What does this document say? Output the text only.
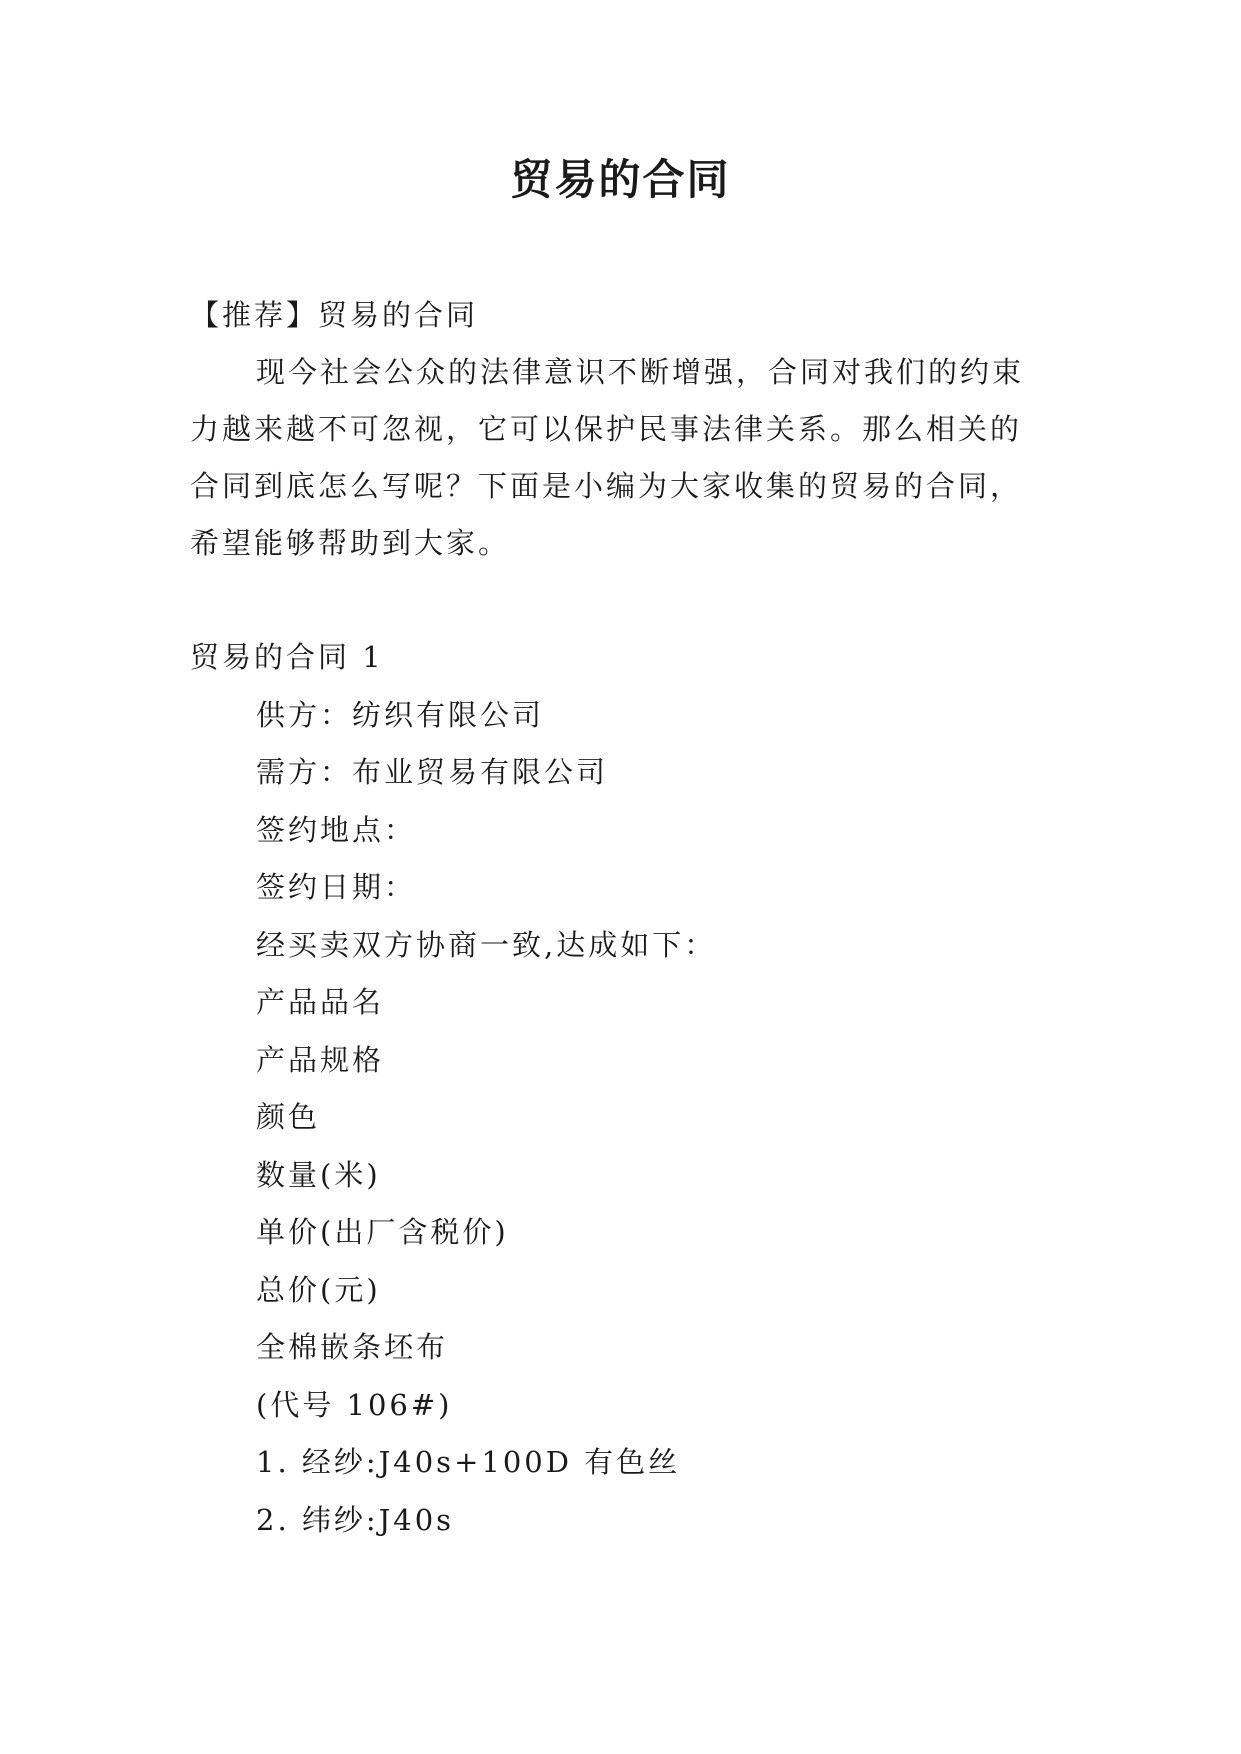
贸易的合同
【推荐】贸易的合同
现今社会公众的法律意识不断增强，合同对我们的约束
力越来越不可忽视，它可以保护民事法律关系。那么相关的
合同到底怎么写呢？下面是小编为大家收集的贸易的合同，
希望能够帮助到大家。
贸易的合同 1
供方：纺织有限公司
需方：布业贸易有限公司
签约地点：
签约日期：
经买卖双方协商一致,达成如下：
产品品名
产品规格
颜色
数量(米)
单价(出厂含税价)
总价(元)
全棉嵌条坯布
(代号 106#)
1. 经纱:J40s+100D 有色丝
2. 纬纱:J40s
